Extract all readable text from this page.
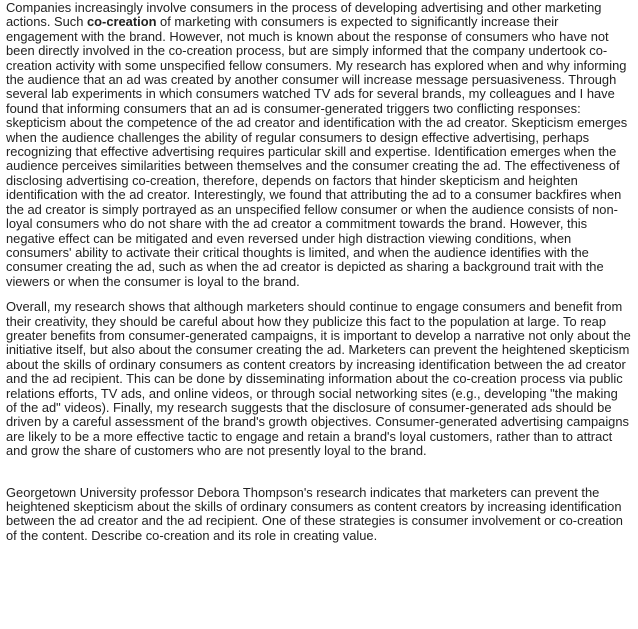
Companies increasingly involve consumers in the process of developing advertising and other marketing actions. Such co-creation of marketing with consumers is expected to significantly increase their engagement with the brand. However, not much is known about the response of consumers who have not been directly involved in the co-creation process, but are simply informed that the company undertook co-creation activity with some unspecified fellow consumers. My research has explored when and why informing the audience that an ad was created by another consumer will increase message persuasiveness. Through several lab experiments in which consumers watched TV ads for several brands, my colleagues and I have found that informing consumers that an ad is consumer-generated triggers two conflicting responses: skepticism about the competence of the ad creator and identification with the ad creator. Skepticism emerges when the audience challenges the ability of regular consumers to design effective advertising, perhaps recognizing that effective advertising requires particular skill and expertise. Identification emerges when the audience perceives similarities between themselves and the consumer creating the ad. The effectiveness of disclosing advertising co-creation, therefore, depends on factors that hinder skepticism and heighten identification with the ad creator. Interestingly, we found that attributing the ad to a consumer backfires when the ad creator is simply portrayed as an unspecified fellow consumer or when the audience consists of non-loyal consumers who do not share with the ad creator a commitment towards the brand. However, this negative effect can be mitigated and even reversed under high distraction viewing conditions, when consumers' ability to activate their critical thoughts is limited, and when the audience identifies with the consumer creating the ad, such as when the ad creator is depicted as sharing a background trait with the viewers or when the consumer is loyal to the brand.

Overall, my research shows that although marketers should continue to engage consumers and benefit from their creativity, they should be careful about how they publicize this fact to the population at large. To reap greater benefits from consumer-generated campaigns, it is important to develop a narrative not only about the initiative itself, but also about the consumer creating the ad. Marketers can prevent the heightened skepticism about the skills of ordinary consumers as content creators by increasing identification between the ad creator and the ad recipient. This can be done by disseminating information about the co-creation process via public relations efforts, TV ads, and online videos, or through social networking sites (e.g., developing "the making of the ad" videos). Finally, my research suggests that the disclosure of consumer-generated ads should be driven by a careful assessment of the brand's growth objectives. Consumer-generated advertising campaigns are likely to be a more effective tactic to engage and retain a brand's loyal customers, rather than to attract and grow the share of customers who are not presently loyal to the brand.

Georgetown University professor Debora Thompson's research indicates that marketers can prevent the heightened skepticism about the skills of ordinary consumers as content creators by increasing identification between the ad creator and the ad recipient. One of these strategies is consumer involvement or co-creation of the content. Describe co-creation and its role in creating value.
